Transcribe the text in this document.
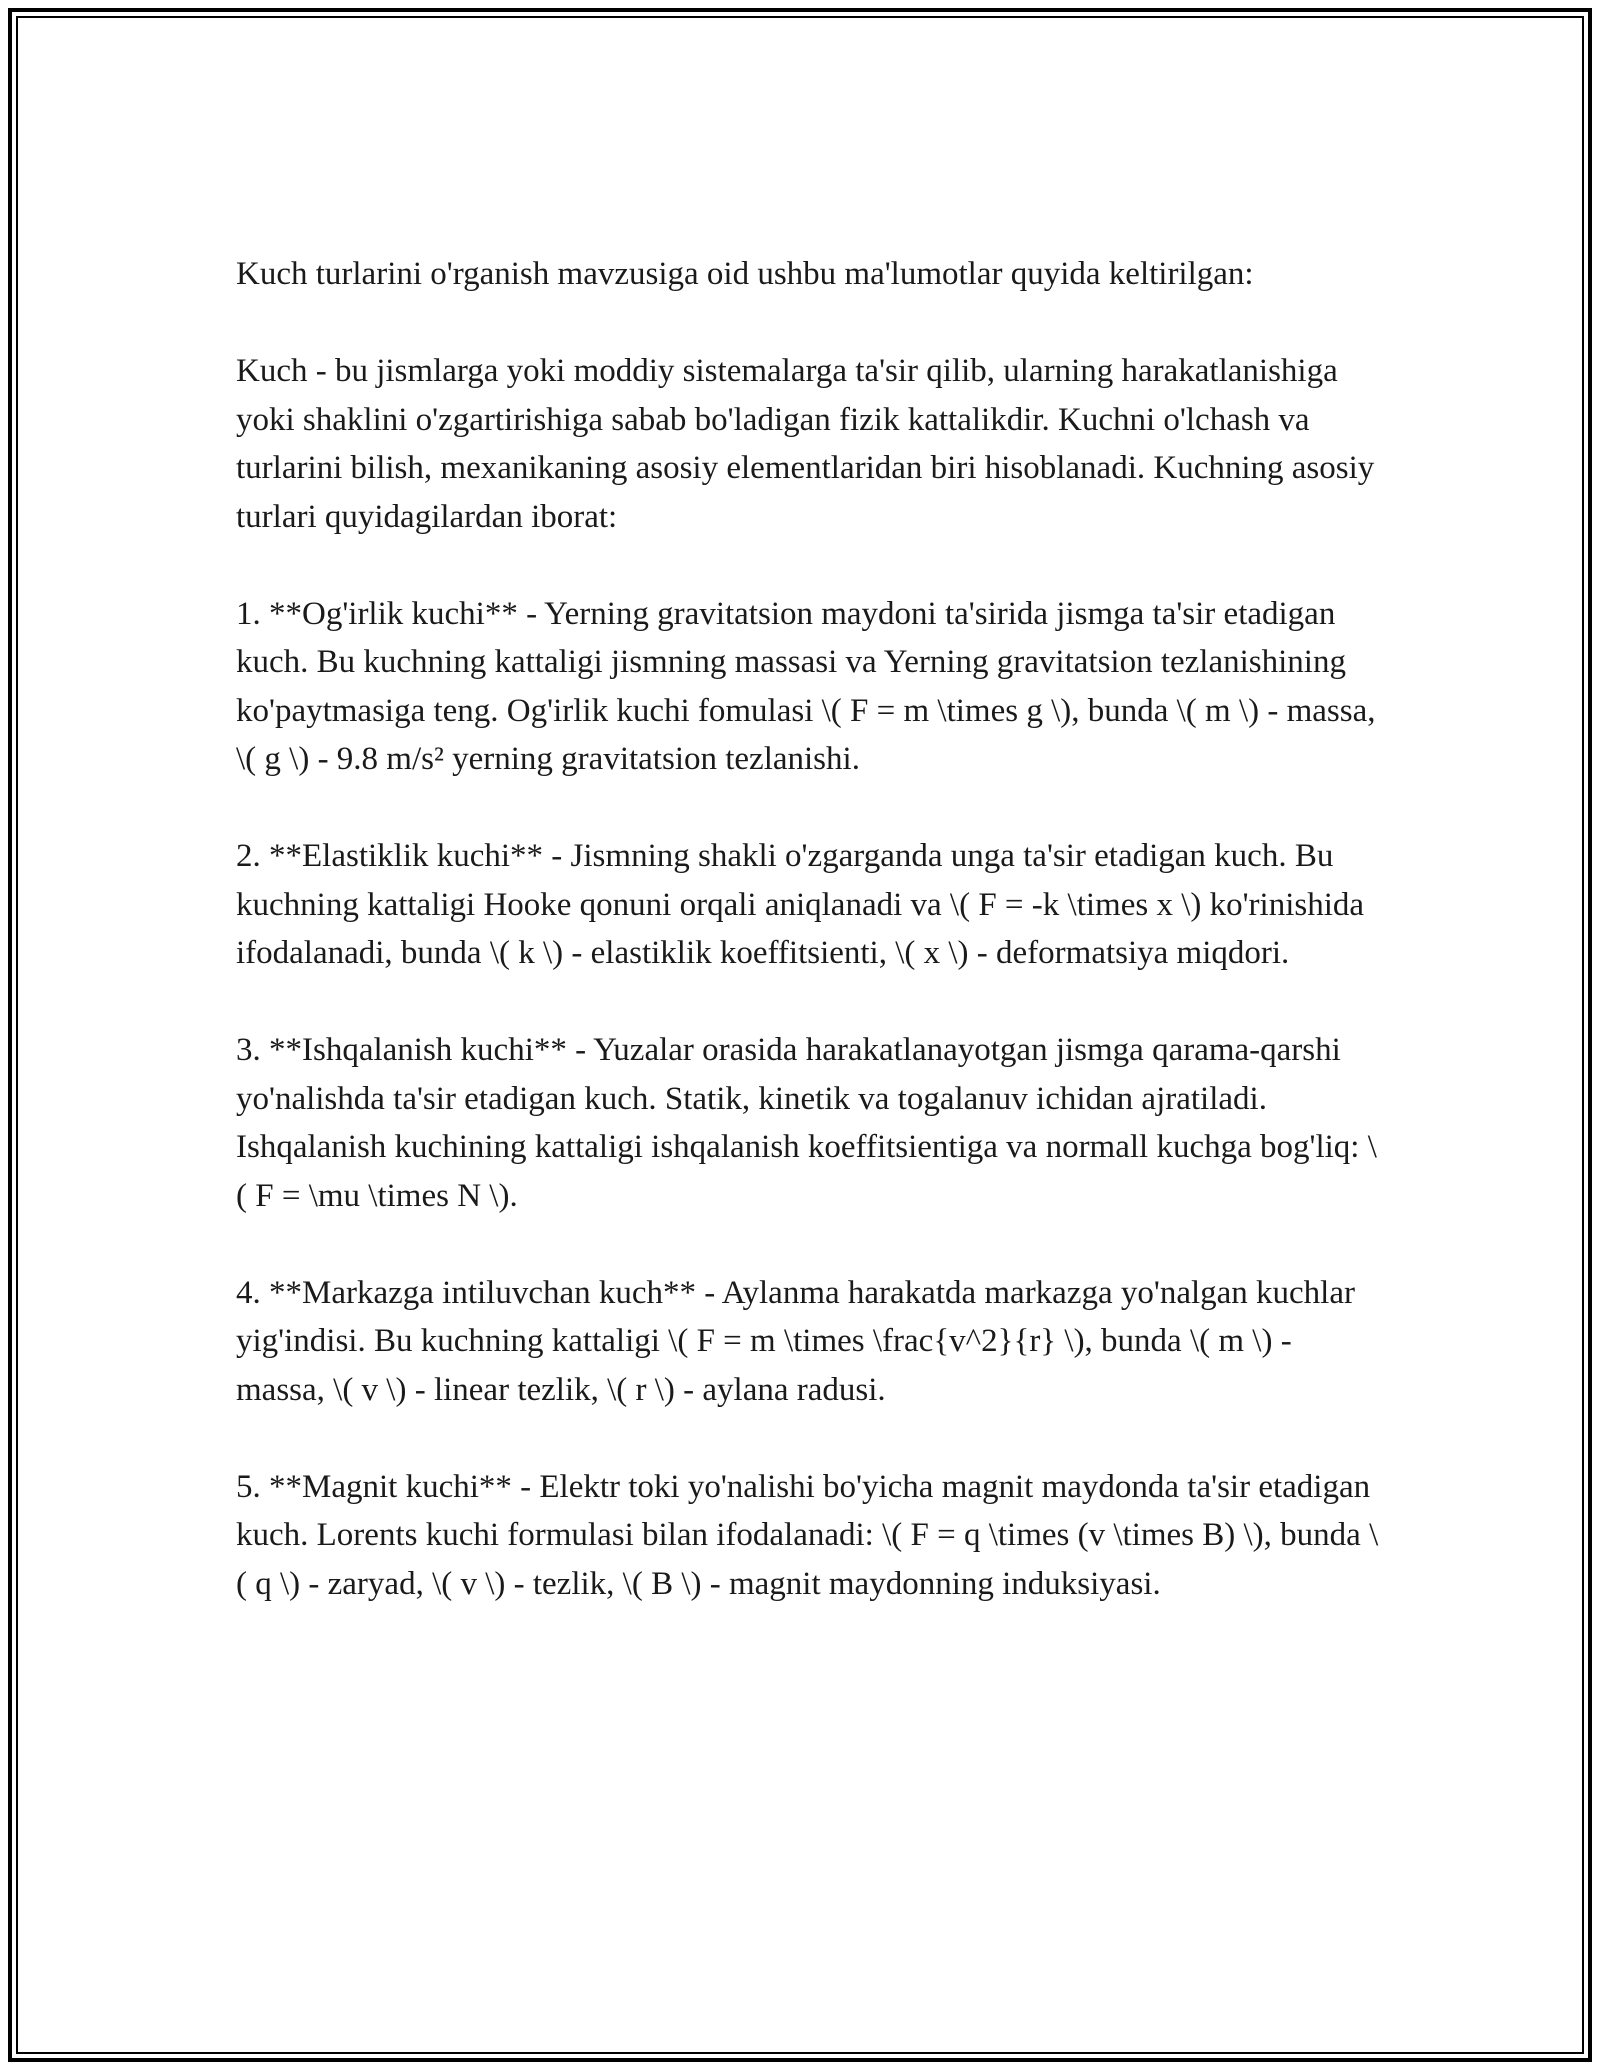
Kuch turlarini o'rganish mavzusiga oid ushbu ma'lumotlar quyida keltirilgan:

Kuch - bu jismlarga yoki moddiy sistemalarga ta'sir qilib, ularning harakatlanishiga yoki shaklini o'zgartirishiga sabab bo'ladigan fizik kattalikdir. Kuchni o'lchash va turlarini bilish, mexanikaning asosiy elementlaridan biri hisoblanadi. Kuchning asosiy turlari quyidagilardan iborat:

1. **Og'irlik kuchi** - Yerning gravitatsion maydoni ta'sirida jismga ta'sir etadigan kuch. Bu kuchning kattaligi jismning massasi va Yerning gravitatsion tezlanishining ko'paytmasiga teng. Og'irlik kuchi fomulasi \( F = m \times g \), bunda \( m \) - massa, \( g \) - 9.8 m/s² yerning gravitatsion tezlanishi.

2. **Elastiklik kuchi** - Jismning shakli o'zgarganda unga ta'sir etadigan kuch. Bu kuchning kattaligi Hooke qonuni orqali aniqlanadi va \( F = -k \times x \) ko'rinishida ifodalanadi, bunda \( k \) - elastiklik koeffitsienti, \( x \) - deformatsiya miqdori.

3. **Ishqalanish kuchi** - Yuzalar orasida harakatlanayotgan jismga qarama-qarshi yo'nalishda ta'sir etadigan kuch. Statik, kinetik va togalanuv ichidan ajratiladi. Ishqalanish kuchining kattaligi ishqalanish koeffitsientiga va normall kuchga bog'liq: \( F = \mu \times N \).

4. **Markazga intiluvchan kuch** - Aylanma harakatda markazga yo'nalgan kuchlar yig'indisi. Bu kuchning kattaligi \( F = m \times \frac{v^2}{r} \), bunda \( m \) - massa, \( v \) - linear tezlik, \( r \) - aylana radusi.

5. **Magnit kuchi** - Elektr toki yo'nalishi bo'yicha magnit maydonda ta'sir etadigan kuch. Lorents kuchi formulasi bilan ifodalanadi: \( F = q \times (v \times B) \), bunda \( q \) - zaryad, \( v \) - tezlik, \( B \) - magnit maydonning induksiyasi.
